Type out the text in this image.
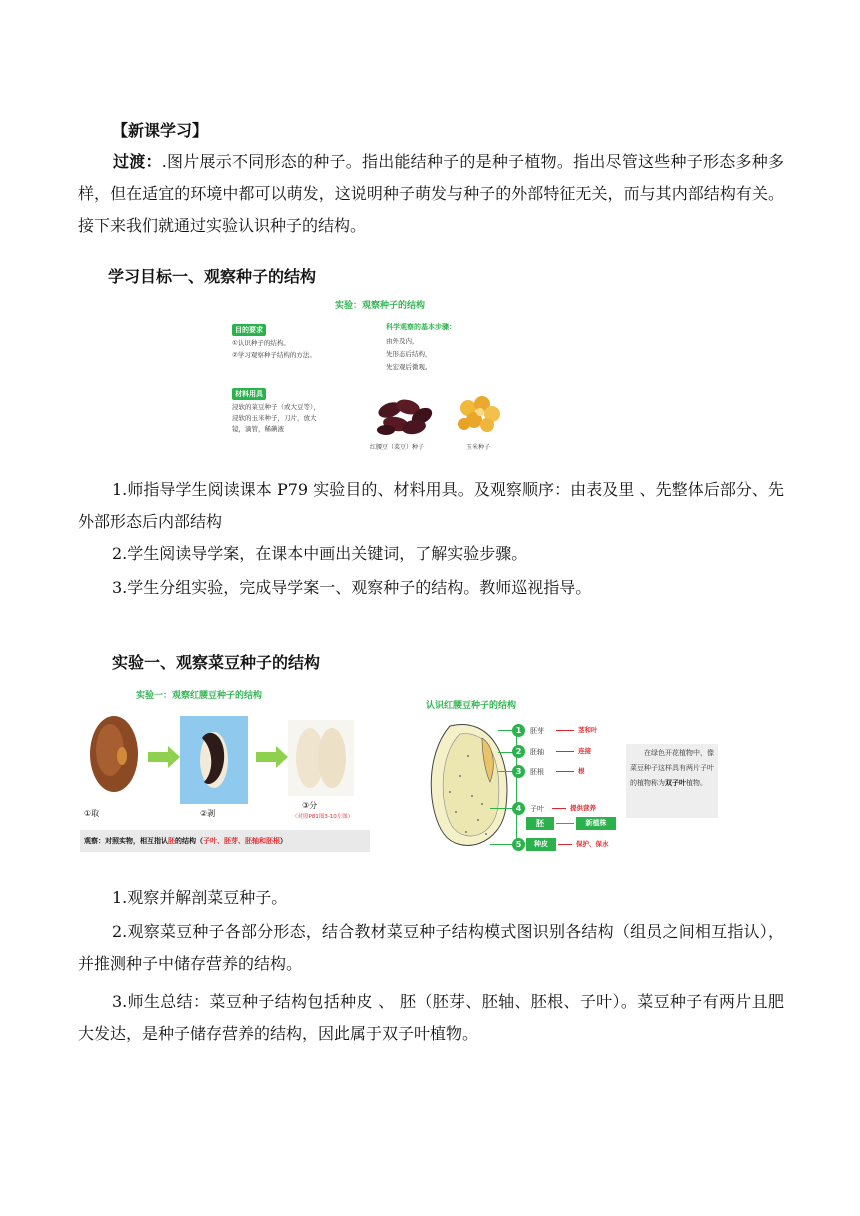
【新课学习】
过渡：.图片展示不同形态的种子。指出能结种子的是种子植物。指出尽管这些种子形态多种多样，但在适宜的环境中都可以萌发，这说明种子萌发与种子的外部特征无关，而与其内部结构有关。接下来我们就通过实验认识种子的结构。
学习目标一、观察种子的结构
实验：观察种子的结构
目的要求
①认识种子的结构。
②学习观察种子结构的方法。
材料用具
浸软的菜豆种子（或大豆等），
浸软的玉米种子，刀片，放大
镜，滴管，稀碘液
科学观察的基本步骤：
由外及内，
先形态后结构，
先宏观后微观。
红腰豆（菜豆）种子	玉米种子
1.师指导学生阅读课本 P79 实验目的、材料用具。及观察顺序：由表及里 、先整体后部分、先外部形态后内部结构
2.学生阅读导学案，在课本中画出关键词，了解实验步骤。
3.学生分组实验，完成导学案一、观察种子的结构。教师巡视指导。
实验一、观察菜豆种子的结构
实验一：观察红腰豆种子的结构
①取	②剥
③分
（对照P81图3-10左图）
观察：对照实物，相互指认胚的结构（子叶、胚芽、胚轴和胚根）
认识红腰豆种子的结构
1	胚芽	茎和叶
2	胚轴	连接
3	胚根	根
4	子叶	提供营养
胚	新植株
5	种皮	保护、保水
在绿色开花植物中，像菜豆种子这样具有两片子叶的植物称为双子叶植物。
1.观察并解剖菜豆种子。
2.观察菜豆种子各部分形态，结合教材菜豆种子结构模式图识别各结构（组员之间相互指认），并推测种子中储存营养的结构。
3.师生总结：菜豆种子结构包括种皮 、 胚（胚芽、胚轴、胚根、子叶）。菜豆种子有两片且肥大发达，是种子储存营养的结构，因此属于双子叶植物。
